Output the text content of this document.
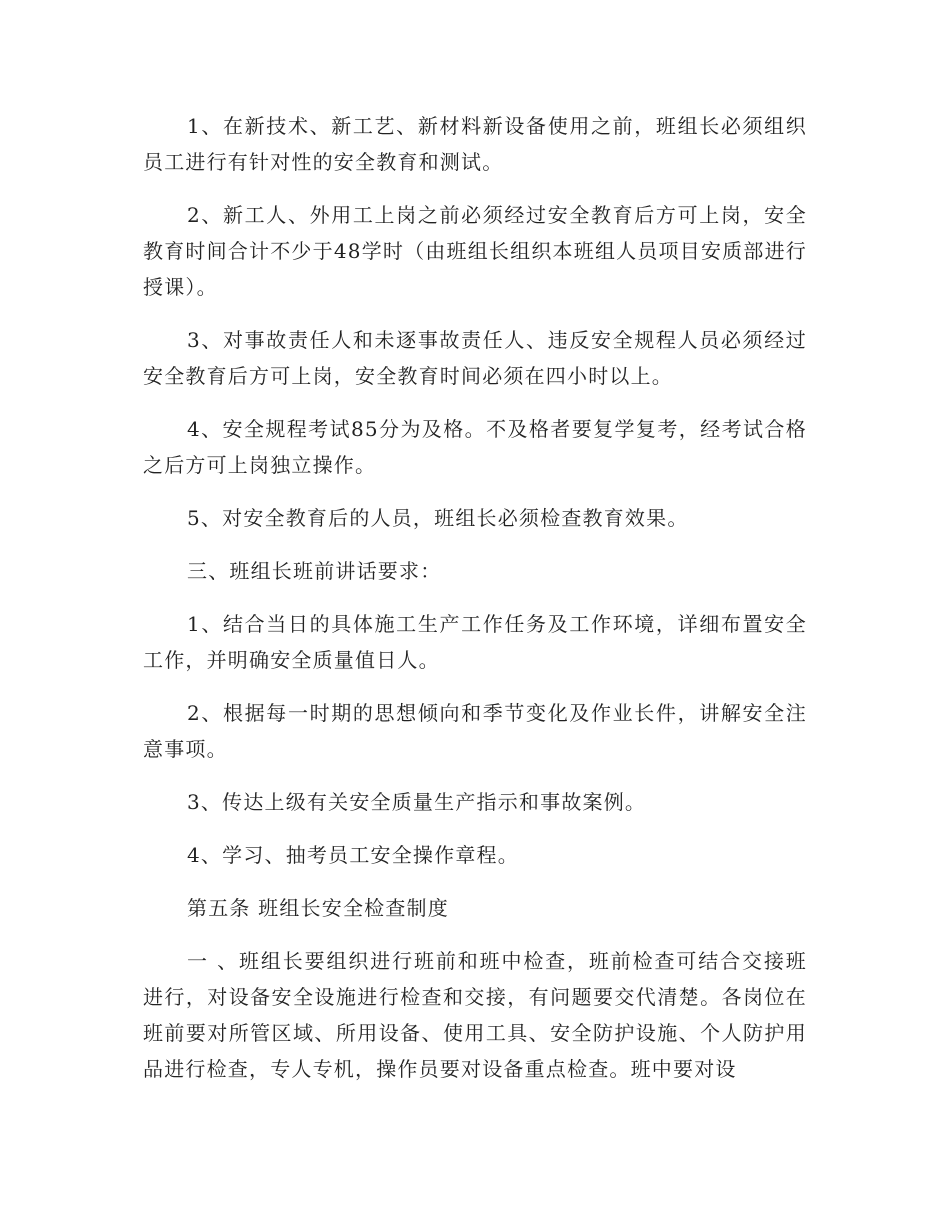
1、在新技术、新工艺、新材料新设备使用之前，班组长必须组织员工进行有针对性的安全教育和测试。

2、新工人、外用工上岗之前必须经过安全教育后方可上岗，安全教育时间合计不少于48学时（由班组长组织本班组人员项目安质部进行授课）。

3、对事故责任人和未逐事故责任人、违反安全规程人员必须经过安全教育后方可上岗，安全教育时间必须在四小时以上。

4、安全规程考试85分为及格。不及格者要复学复考，经考试合格之后方可上岗独立操作。

5、对安全教育后的人员，班组长必须检查教育效果。

三、班组长班前讲话要求：

1、结合当日的具体施工生产工作任务及工作环境，详细布置安全工作，并明确安全质量值日人。

2、根据每一时期的思想倾向和季节变化及作业长件，讲解安全注意事项。

3、传达上级有关安全质量生产指示和事故案例。

4、学习、抽考员工安全操作章程。

第五条 班组长安全检查制度

一 、班组长要组织进行班前和班中检查，班前检查可结合交接班进行，对设备安全设施进行检查和交接，有问题要交代清楚。各岗位在班前要对所管区域、所用设备、使用工具、安全防护设施、个人防护用品进行检查，专人专机，操作员要对设备重点检查。班中要对设
